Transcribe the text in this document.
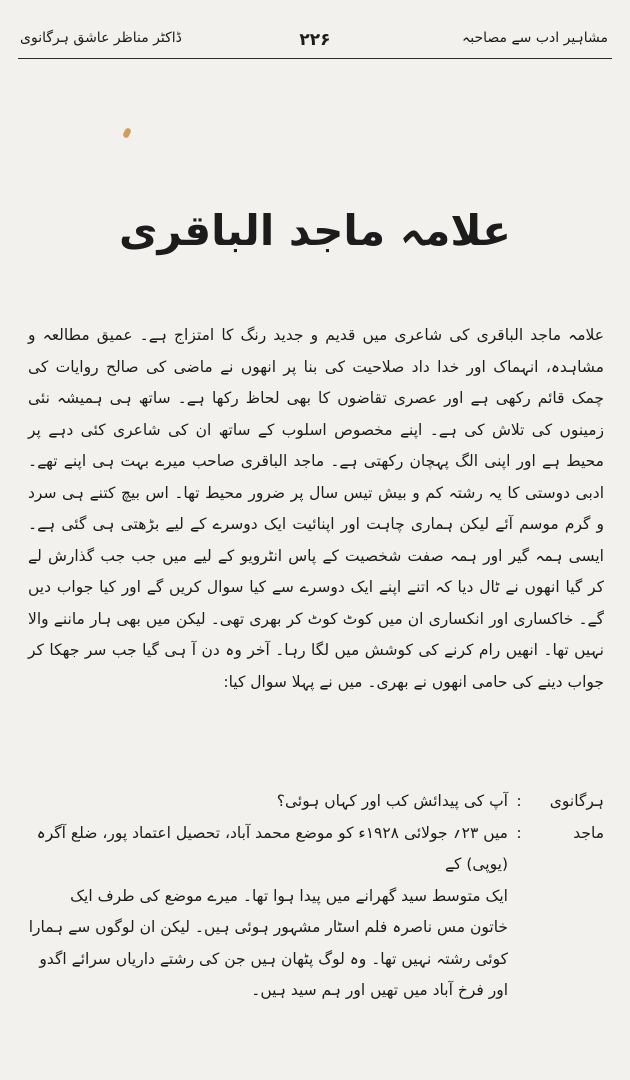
ڈاکٹر مناظر عاشق ہرگانوی	۲۲۶	مشاہیر ادب سے مصاحبہ
علامہ ماجد الباقری

علامہ ماجد الباقری کی شاعری میں قدیم و جدید رنگ کا امتزاج ہے۔ عمیق مطالعہ و مشاہدہ، انہماک اور خدا داد صلاحیت کی بنا پر انھوں نے ماضی کی صالح روایات کی چمک قائم رکھی ہے اور عصری تقاضوں کا بھی لحاظ رکھا ہے۔ ساتھ ہی ہمیشہ نئی زمینوں کی تلاش کی ہے۔ اپنے مخصوص اسلوب کے ساتھ ان کی شاعری کئی دہے پر محیط ہے اور اپنی الگ پہچان رکھتی ہے۔ ماجد الباقری صاحب میرے بہت ہی اپنے تھے۔ ادبی دوستی کا یہ رشتہ کم و بیش تیس سال پر ضرور محیط تھا۔ اس بیچ کتنے ہی سرد و گرم موسم آئے لیکن ہماری چاہت اور اپنائیت ایک دوسرے کے لیے بڑھتی ہی گئی ہے۔ ایسی ہمہ گیر اور ہمہ صفت شخصیت کے پاس انٹرویو کے لیے میں جب جب گذارش لے کر گیا انھوں نے ٹال دیا کہ اتنے اپنے ایک دوسرے سے کیا سوال کریں گے اور کیا جواب دیں گے۔ خاکساری اور انکساری ان میں کوٹ کوٹ کر بھری تھی۔ لیکن میں بھی ہار ماننے والا نہیں تھا۔ انھیں رام کرنے کی کوشش میں لگا رہا۔ آخر وہ دن آ ہی گیا جب سر جھکا کر جواب دینے کی حامی انھوں نے بھری۔ میں نے پہلا سوال کیا:

ہرگانوی
:
آپ کی پیدائش کب اور کہاں ہوئی؟
ماجد
:
میں ۲۳؍ جولائی ۱۹۲۸ء کو موضع محمد آباد، تحصیل اعتماد پور، ضلع آگرہ (یوپی) کے
ایک متوسط سید گھرانے میں پیدا ہوا تھا۔ میرے موضع کی طرف ایک خاتون مس ناصرہ فلم اسٹار مشہور ہوئی ہیں۔ لیکن ان لوگوں سے ہمارا کوئی رشتہ نہیں تھا۔ وہ لوگ پٹھان ہیں جن کی رشتے داریاں سرائے اگدو اور فرخ آباد میں تھیں اور ہم سید ہیں۔
